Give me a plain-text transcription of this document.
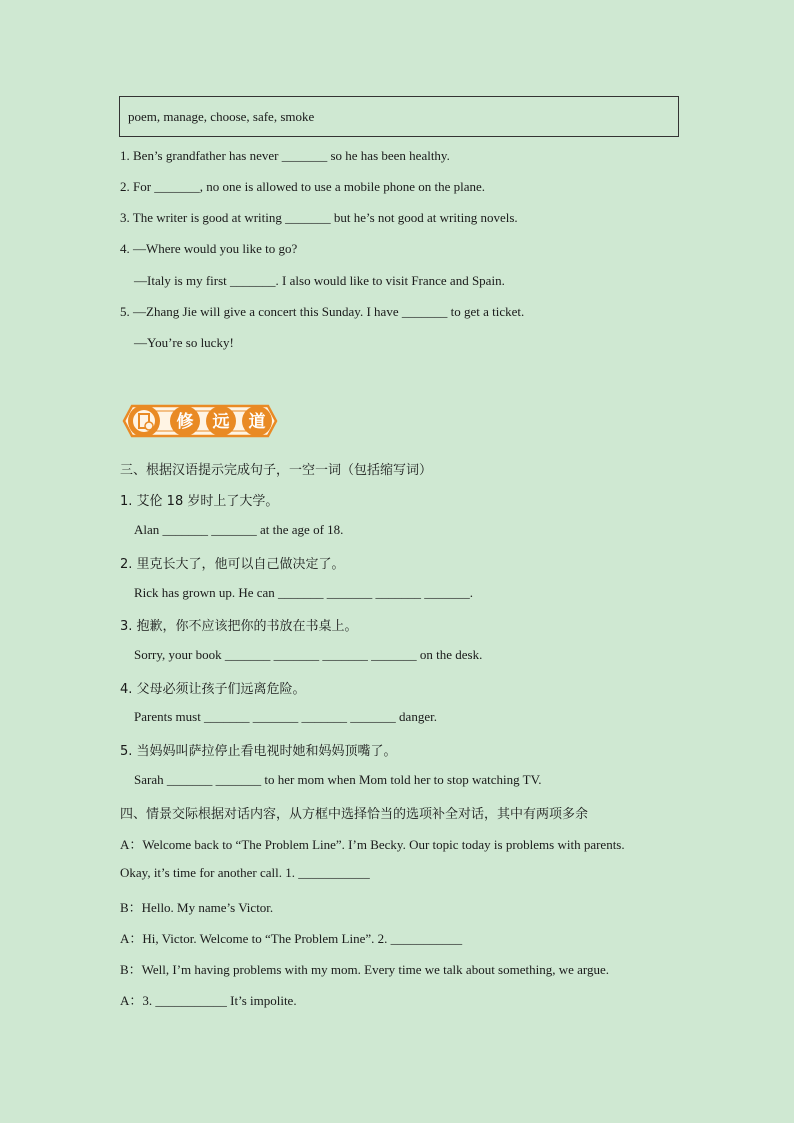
poem, manage, choose, safe, smoke
1. Ben’s grandfather has never _______ so he has been healthy.
2. For _______, no one is allowed to use a mobile phone on the plane.
3. The writer is good at writing _______ but he’s not good at writing novels.
4. —Where would you like to go?
—Italy is my first _______. I also would like to visit France and Spain.
5. —Zhang Jie will give a concert this Sunday. I have _______ to get a ticket.
—You’re so lucky!
修 远 道
三、根据汉语提示完成句子，一空一词（包括缩写词）
1. 艾伦 18 岁时上了大学。
Alan _______ _______ at the age of 18.
2. 里克长大了，他可以自己做决定了。
Rick has grown up. He can _______ _______ _______ _______.
3. 抱歉，你不应该把你的书放在书桌上。
Sorry, your book _______ _______ _______ _______ on the desk.
4. 父母必须让孩子们远离危险。
Parents must _______ _______ _______ _______ danger.
5. 当妈妈叫萨拉停止看电视时她和妈妈顶嘴了。
Sarah _______ _______ to her mom when Mom told her to stop watching TV.
四、情景交际根据对话内容，从方框中选择恰当的选项补全对话，其中有两项多余
A：Welcome back to “The Problem Line”. I’m Becky. Our topic today is problems with parents.
Okay, it’s time for another call. 1. ___________
B：Hello. My name’s Victor.
A：Hi, Victor. Welcome to “The Problem Line”. 2. ___________
B：Well, I’m having problems with my mom. Every time we talk about something, we argue.
A：3. ___________ It’s impolite.
